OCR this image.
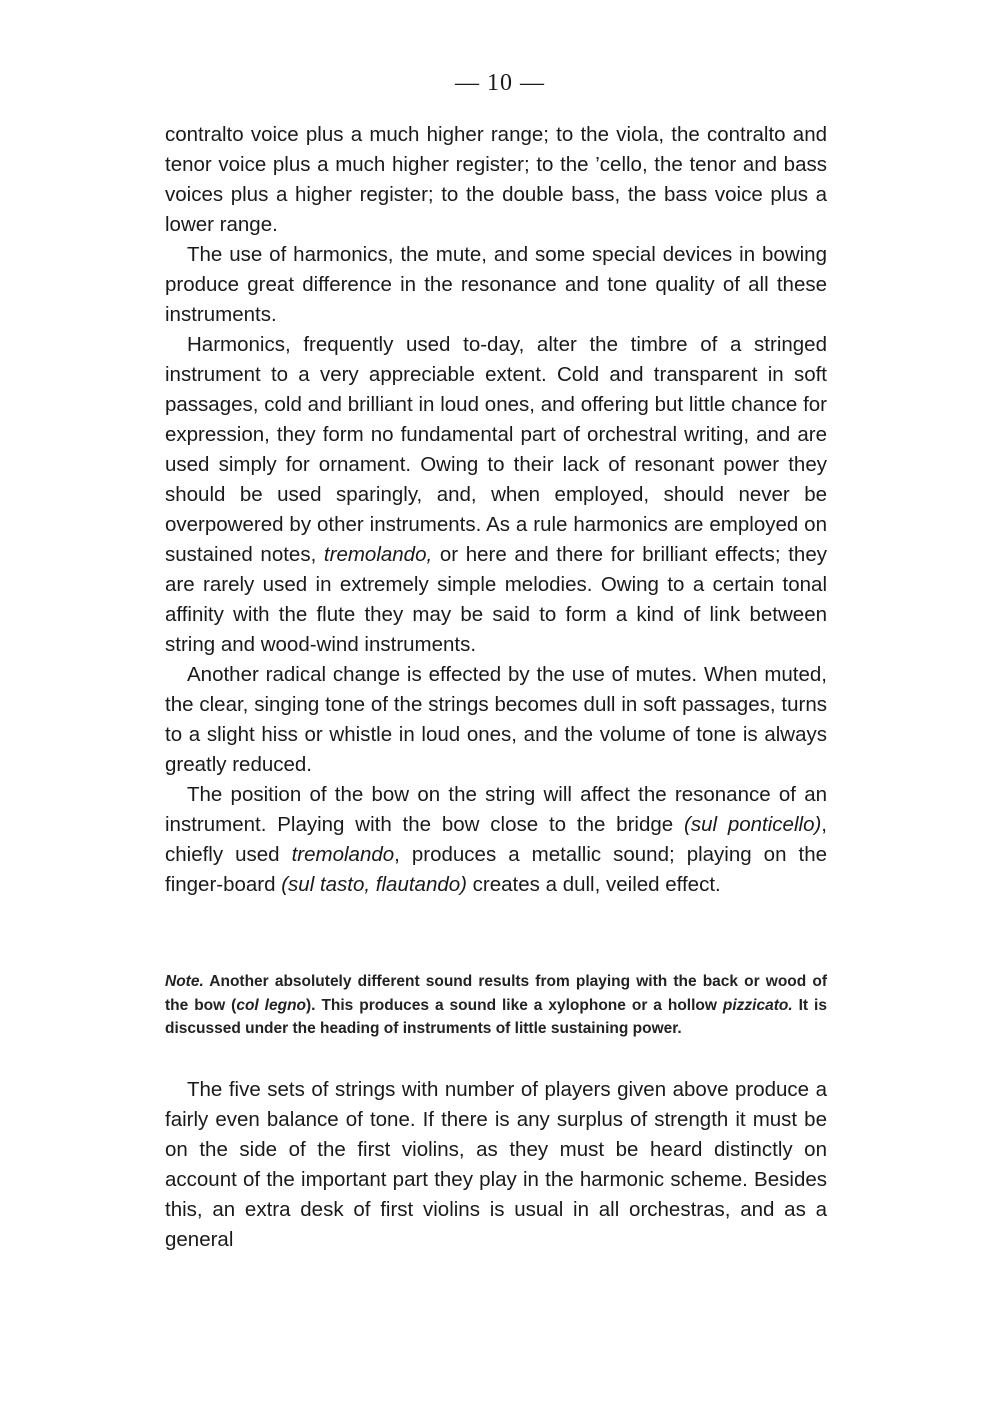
— 10 —

contralto voice plus a much higher range; to the viola, the contralto and tenor voice plus a much higher register; to the ’cello, the tenor and bass voices plus a higher register; to the double bass, the bass voice plus a lower range.

The use of harmonics, the mute, and some special devices in bowing produce great difference in the resonance and tone quality of all these instruments.

Harmonics, frequently used to-day, alter the timbre of a stringed instrument to a very appreciable extent. Cold and transparent in soft passages, cold and brilliant in loud ones, and offering but little chance for expression, they form no fundamental part of orchestral writing, and are used simply for ornament. Owing to their lack of resonant power they should be used sparingly, and, when employed, should never be overpowered by other instruments. As a rule harmonics are employed on sustained notes, tremolando, or here and there for brilliant effects; they are rarely used in extremely simple melodies. Owing to a certain tonal affinity with the flute they may be said to form a kind of link between string and wood-wind instruments.

Another radical change is effected by the use of mutes. When muted, the clear, singing tone of the strings becomes dull in soft passages, turns to a slight hiss or whistle in loud ones, and the volume of tone is always greatly reduced.

The position of the bow on the string will affect the resonance of an instrument. Playing with the bow close to the bridge (sul ponticello), chiefly used tremolando, produces a metallic sound; playing on the finger-board (sul tasto, flautando) creates a dull, veiled effect.

Note. Another absolutely different sound results from playing with the back or wood of the bow (col legno). This produces a sound like a xylophone or a hollow pizzicato. It is discussed under the heading of instruments of little sustaining power.

The five sets of strings with number of players given above produce a fairly even balance of tone. If there is any surplus of strength it must be on the side of the first violins, as they must be heard distinctly on account of the important part they play in the harmonic scheme. Besides this, an extra desk of first violins is usual in all orchestras, and as a general
